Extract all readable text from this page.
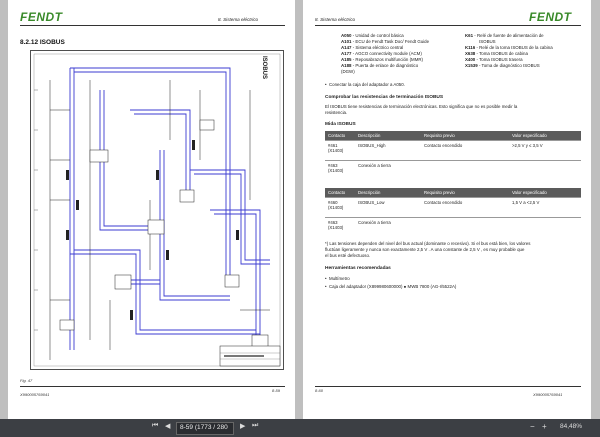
FENDT	8. Sistema eléctrico
8.2.12 ISOBUS
ISOBUS
Fig. 47
X990005769041
8-59
8. Sistema eléctrico	FENDT
A050 - Unidad de control básica
A101 - ECU de Fendt Task Doc/ Fendt Guide
A147 - Sistema eléctrico central
A177 - AGCO connectivity module (ACM)
A185 - Reposabrazos multifunción (MMR)
A188 - Puerta de enlace de diagnóstico
(DGW)
K61 - Relé de fuente de alimentación de
ISOBUS
K116 - Relé de la toma ISOBUS de la cabina
X638 - Toma ISOBUS de cabina
X400 - Toma ISOBUS trasera
X1539 - Toma de diagnóstico ISOBUS
•  Conectar la caja del adaptador a A050.
Comprobar las resistencias de terminación ISOBUS
El ISOBUS tiene resistencias de terminación electrónicas. Esto significa que no es posible medir la
resistencia.
Mida ISOBUS
Contacto	Descripción	Requisito previo	Valor especificado
#461
(X1403)	ISOBUS_High	Contacto encendido	>2,5 V y ≤ 3,5 V
#463
(X1403)	Conexión a tierra		
Contacto	Descripción	Requisito previo	Valor especificado
#460
(X1403)	ISOBUS_Low	Contacto encendido	1,5 V a <2,5 V
#463
(X1403)	Conexión a tierra		
*) Las tensiones dependen del nivel del bus actual (dominante o recesivo). Si el bus está bien, los valores
fluctúan ligeramente y nunca son exactamente 2,5 V . A una constante de 2,5 V , es muy probable que
el bus esté defectuoso.
Herramientas recomendadas
•  Multímetro
•  Caja del adaptador (X899980600000) ● MWB 7800 (AG-I/5522A)
8-60
X990005769041
⏮ ◀ 8-59 (1773 / 280 ▶ ⏭	− + 84,48%
